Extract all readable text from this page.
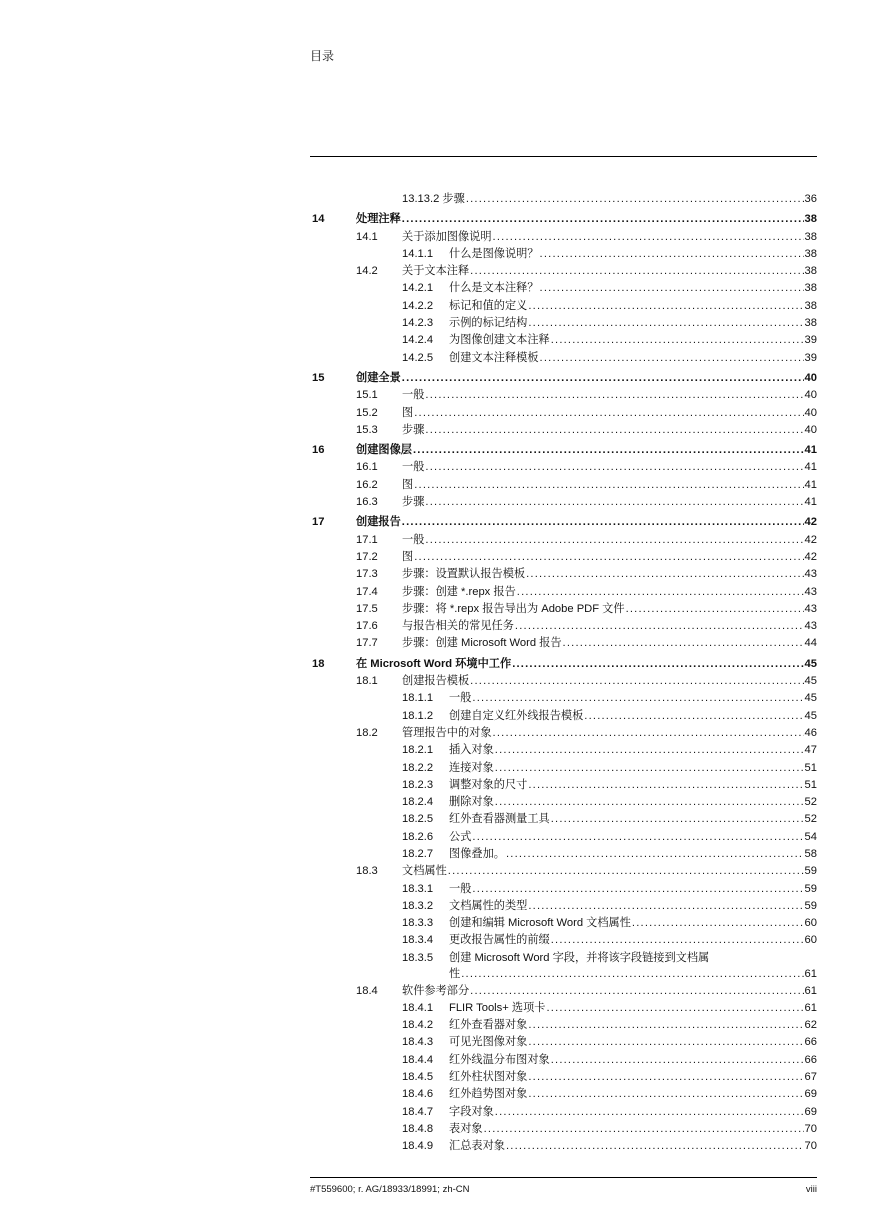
目录
13.13.2 步骤 .....	36
14	处理注释 .....	38
14.1	关于添加图像说明 .....	38
14.1.1	什么是图像说明？ .....	38
14.2	关于文本注释 .....	38
14.2.1	什么是文本注释？ .....	38
14.2.2	标记和值的定义 .....	38
14.2.3	示例的标记结构 .....	38
14.2.4	为图像创建文本注释 .....	39
14.2.5	创建文本注释模板 .....	39
15	创建全景 .....	40
15.1	一般 .....	40
15.2	图 .....	40
15.3	步骤 .....	40
16	创建图像层 .....	41
16.1	一般 .....	41
16.2	图 .....	41
16.3	步骤 .....	41
17	创建报告 .....	42
17.1	一般 .....	42
17.2	图 .....	42
17.3	步骤：设置默认报告模板 .....	43
17.4	步骤：创建 *.repx 报告 .....	43
17.5	步骤：将 *.repx 报告导出为 Adobe PDF 文件 .....	43
17.6	与报告相关的常见任务 .....	43
17.7	步骤：创建 Microsoft Word 报告 .....	44
18	在 Microsoft Word 环境中工作 .....	45
18.1	创建报告模板 .....	45
18.1.1	一般 .....	45
18.1.2	创建自定义红外线报告模板 .....	45
18.2	管理报告中的对象 .....	46
18.2.1	插入对象 .....	47
18.2.2	连接对象 .....	51
18.2.3	调整对象的尺寸 .....	51
18.2.4	删除对象 .....	52
18.2.5	红外查看器测量工具 .....	52
18.2.6	公式 .....	54
18.2.7	图像叠加。 .....	58
18.3	文档属性 .....	59
18.3.1	一般 .....	59
18.3.2	文档属性的类型 .....	59
18.3.3	创建和编辑 Microsoft Word 文档属性 .....	60
18.3.4	更改报告属性的前缀 .....	60
18.3.5	创建 Microsoft Word 字段，并将该字段链接到文档属
性 .....	61
18.4	软件参考部分 .....	61
18.4.1	FLIR Tools+ 选项卡 .....	61
18.4.2	红外查看器对象 .....	62
18.4.3	可见光图像对象 .....	66
18.4.4	红外线温分布图对象 .....	66
18.4.5	红外柱状图对象 .....	67
18.4.6	红外趋势图对象 .....	69
18.4.7	字段对象 .....	69
18.4.8	表对象 .....	70
18.4.9	汇总表对象 .....	70
#T559600; r. AG/18933/18991; zh-CN	viii
